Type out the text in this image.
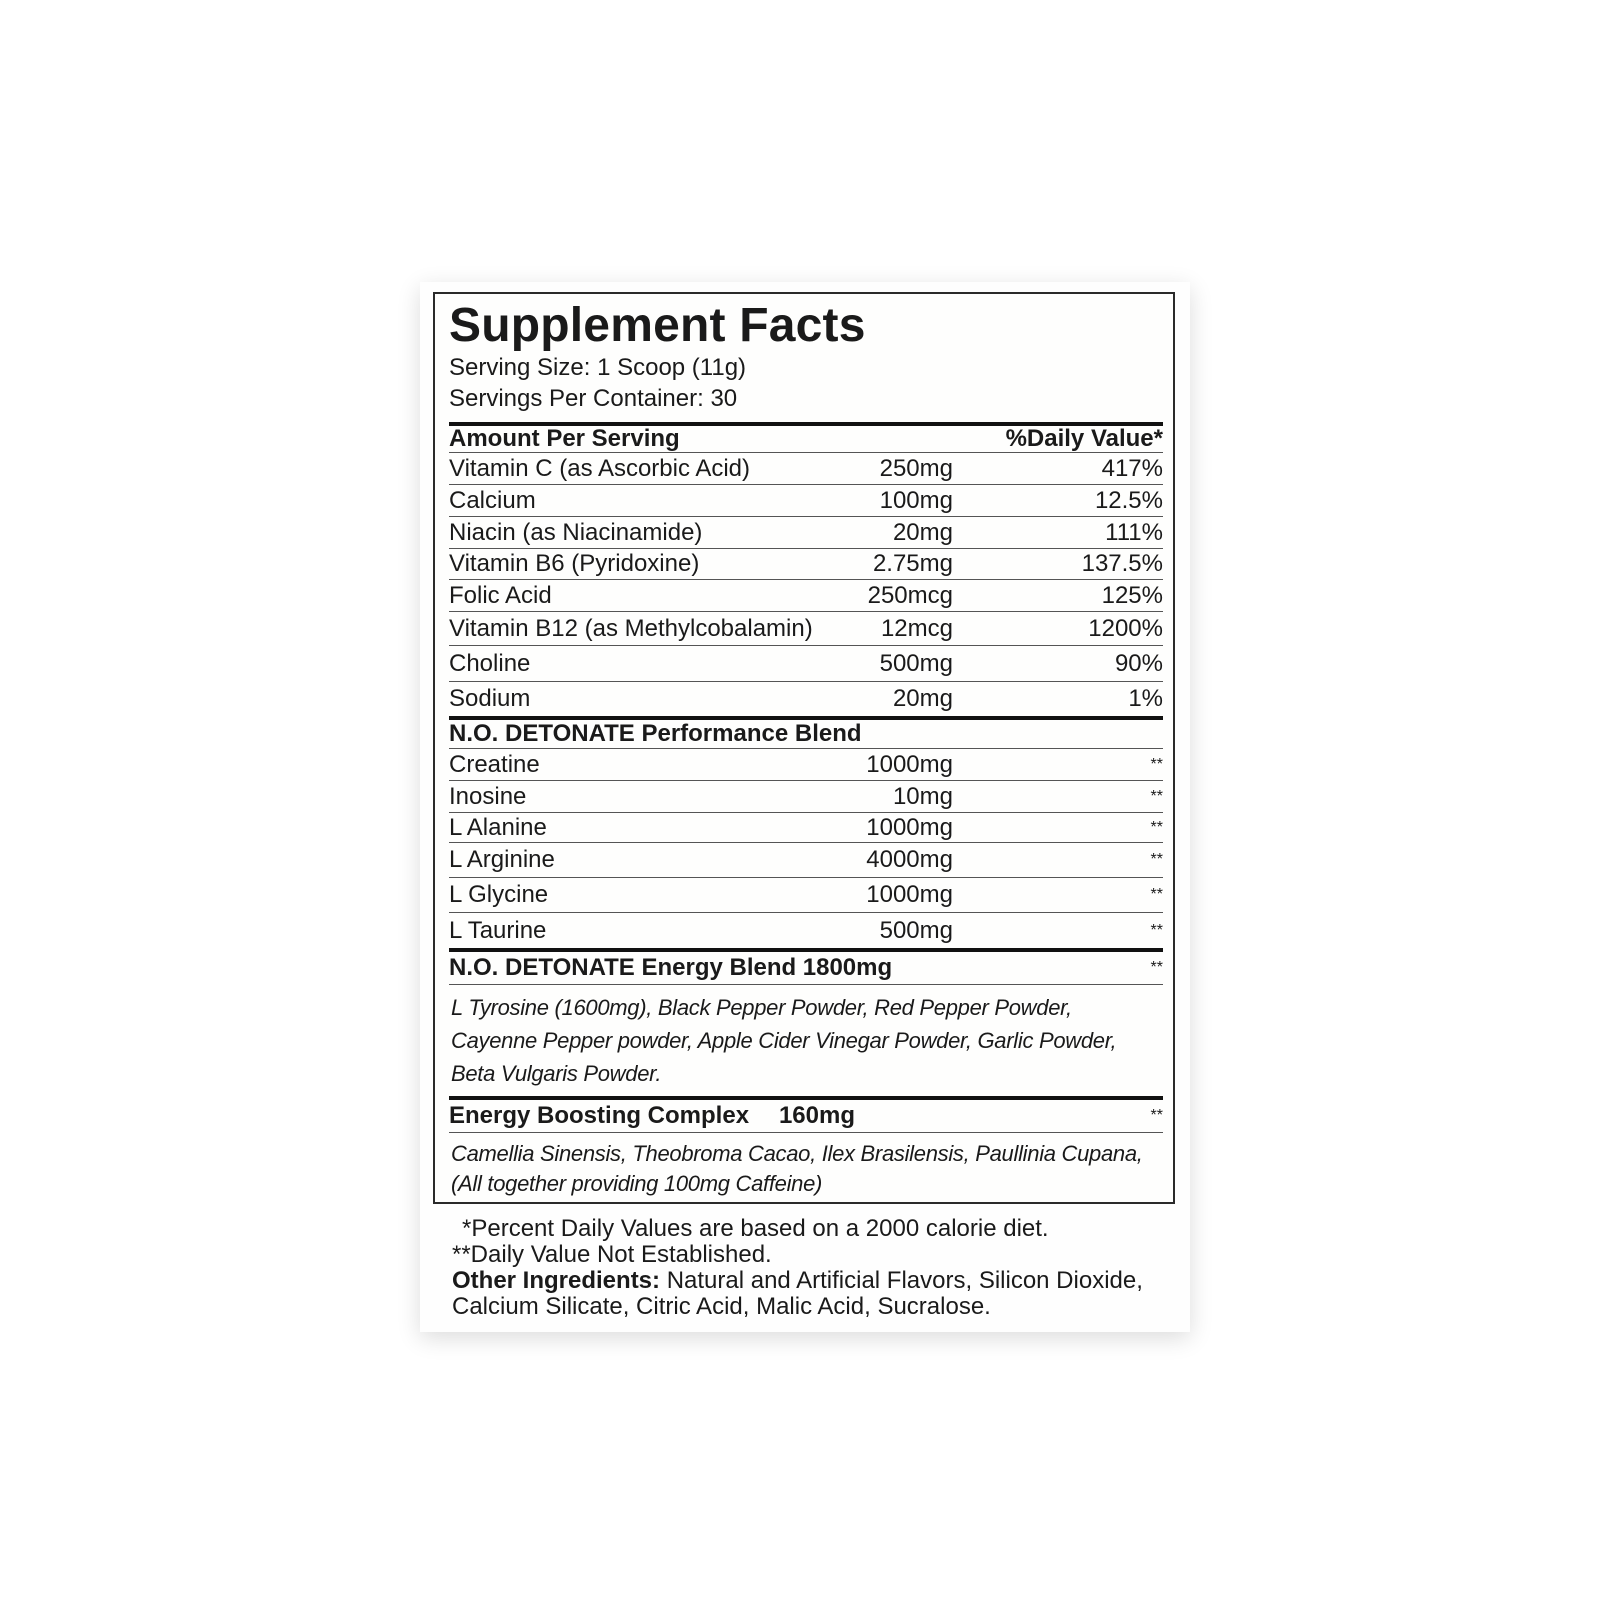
Supplement Facts
Serving Size: 1 Scoop (11g)
Servings Per Container: 30
Amount Per Serving	%Daily Value*
Vitamin C (as Ascorbic Acid)	250mg	417%
Calcium	100mg	12.5%
Niacin (as Niacinamide)	20mg	111%
Vitamin B6 (Pyridoxine)	2.75mg	137.5%
Folic Acid	250mcg	125%
Vitamin B12 (as Methylcobalamin)	12mcg	1200%
Choline	500mg	90%
Sodium	20mg	1%
N.O. DETONATE Performance Blend
Creatine	1000mg	**
Inosine	10mg	**
L Alanine	1000mg	**
L Arginine	4000mg	**
L Glycine	1000mg	**
L Taurine	500mg	**
N.O. DETONATE Energy Blend 1800mg	**
L Tyrosine (1600mg), Black Pepper Powder, Red Pepper Powder,
Cayenne Pepper powder, Apple Cider Vinegar Powder, Garlic Powder,
Beta Vulgaris Powder.
Energy Boosting Complex	160mg	**
Camellia Sinensis, Theobroma Cacao, Ilex Brasilensis, Paullinia Cupana,
(All together providing 100mg Caffeine)
*Percent Daily Values are based on a 2000 calorie diet.
**Daily Value Not Established.
Other Ingredients: Natural and Artificial Flavors, Silicon Dioxide,
Calcium Silicate, Citric Acid, Malic Acid, Sucralose.
